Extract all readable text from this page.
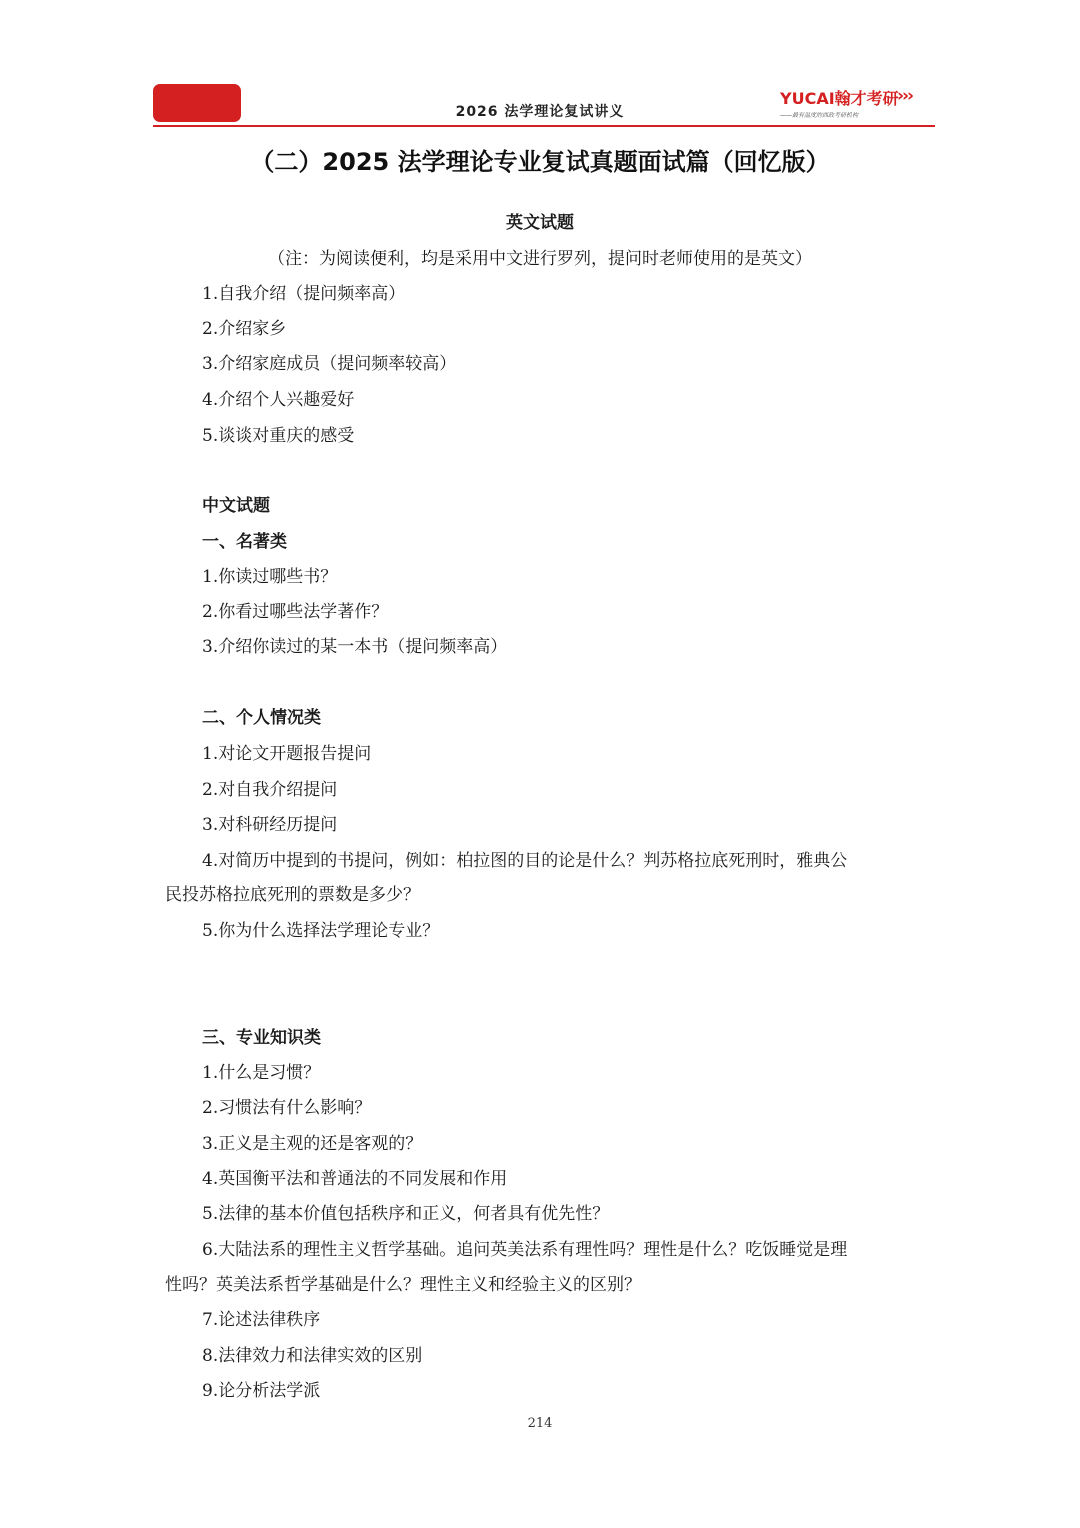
2026 法学理论复试讲义
YUCAI翰才考研
›››
——最有温度的西政考研机构
（二）2025 法学理论专业复试真题面试篇（回忆版）
英文试题
（注：为阅读便利，均是采用中文进行罗列，提问时老师使用的是英文）
1.自我介绍（提问频率高）
2.介绍家乡
3.介绍家庭成员（提问频率较高）
4.介绍个人兴趣爱好
5.谈谈对重庆的感受
中文试题
一、名著类
1.你读过哪些书？
2.你看过哪些法学著作？
3.介绍你读过的某一本书（提问频率高）
二、个人情况类
1.对论文开题报告提问
2.对自我介绍提问
3.对科研经历提问
4.对简历中提到的书提问，例如：柏拉图的目的论是什么？判苏格拉底死刑时，雅典公
民投苏格拉底死刑的票数是多少？
5.你为什么选择法学理论专业？
三、专业知识类
1.什么是习惯？
2.习惯法有什么影响？
3.正义是主观的还是客观的？
4.英国衡平法和普通法的不同发展和作用
5.法律的基本价值包括秩序和正义，何者具有优先性？
6.大陆法系的理性主义哲学基础。追问英美法系有理性吗？理性是什么？吃饭睡觉是理
性吗？英美法系哲学基础是什么？理性主义和经验主义的区别？
7.论述法律秩序
8.法律效力和法律实效的区别
9.论分析法学派
214
